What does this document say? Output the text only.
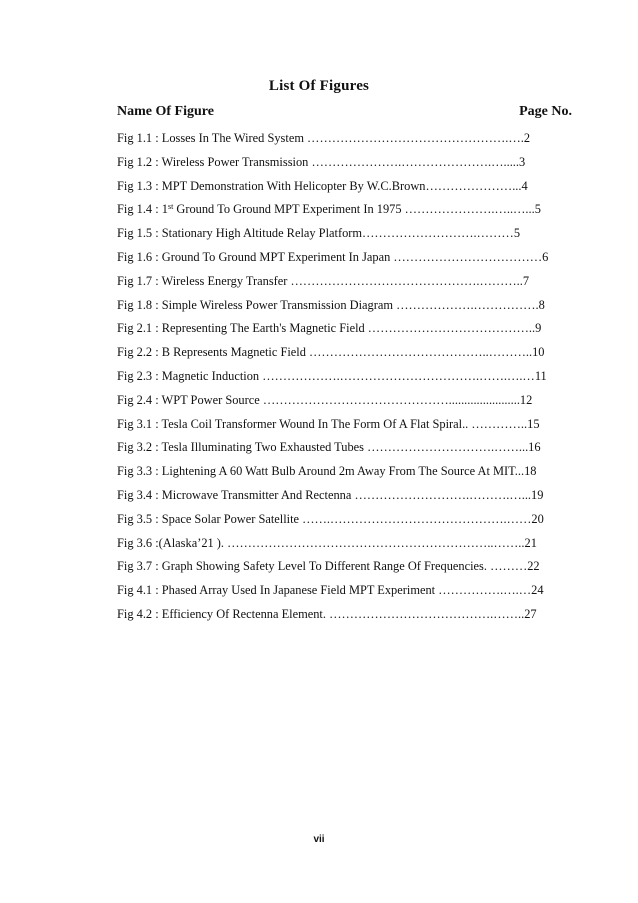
List Of Figures
Name Of Figure	Page No.
Fig 1.1 : Losses In The Wired System ………………………………………….….2
Fig 1.2 : Wireless Power Transmission ………………….………………….….....3
Fig 1.3 : MPT Demonstration With Helicopter By W.C.Brown…………………...4
Fig 1.4 : 1st Ground To Ground MPT Experiment In 1975 ………………….…..…...5
Fig 1.5 : Stationary High Altitude Relay Platform……………………….………5
Fig 1.6 : Ground To Ground MPT Experiment In Japan ………………………………6
Fig 1.7 : Wireless Energy Transfer ……………………………………….………..7
Fig 1.8 : Simple Wireless Power Transmission Diagram ……………….…………….8
Fig 2.1 : Representing The Earth's Magnetic Field …………………………………..9
Fig 2.2 : B Represents Magnetic Field ……………………………………..………..10
Fig 2.3 : Magnetic Induction ……………….…………………………….…….….…11
Fig 2.4 : WPT Power Source ……………………………………….......................12
Fig 3.1 : Tesla Coil Transformer Wound In The Form Of A Flat Spiral.. …………..15
Fig 3.2 : Tesla Illuminating Two Exhausted Tubes ………………………….……...16
Fig 3.3 : Lightening A 60 Watt Bulb Around 2m Away From The Source At MIT...18
Fig 3.4 : Microwave Transmitter And Rectenna ……………………….……….…...19
Fig 3.5 : Space Solar Power Satellite …….…………………………………….……20
Fig 3.6 :(Alaska’21 ). ………………………………………………………..……..21
Fig 3.7 : Graph Showing Safety Level To Different Range Of Frequencies. ………22
Fig 4.1 : Phased Array Used In Japanese Field MPT Experiment …………….….…24
Fig 4.2 : Efficiency Of Rectenna Element. ………………………………….……..27
vii
